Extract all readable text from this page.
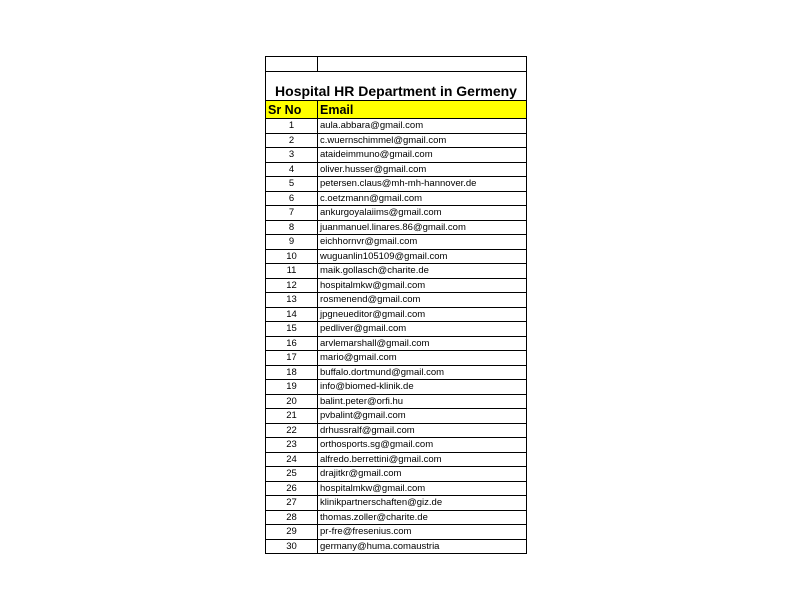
Hospital HR Department in Germeny	
Sr No	Email
1	aula.abbara@gmail.com
2	c.wuernschimmel@gmail.com
3	ataideimmuno@gmail.com
4	oliver.husser@gmail.com
5	petersen.claus@mh-mh-hannover.de
6	c.oetzmann@gmail.com
7	ankurgoyalaiims@gmail.com
8	juanmanuel.linares.86@gmail.com
9	eichhornvr@gmail.com
10	wuguanlin105109@gmail.com
11	maik.gollasch@charite.de
12	hospitalmkw@gmail.com
13	rosmenend@gmail.com
14	jpgneueditor@gmail.com
15	pedliver@gmail.com
16	arvlemarshall@gmail.com
17	mario@gmail.com
18	buffalo.dortmund@gmail.com
19	info@biomed-klinik.de
20	balint.peter@orfi.hu
21	pvbalint@gmail.com
22	drhussralf@gmail.com
23	orthosports.sg@gmail.com
24	alfredo.berrettini@gmail.com
25	drajitkr@gmail.com
26	hospitalmkw@gmail.com
27	klinikpartnerschaften@giz.de
28	thomas.zoller@charite.de
29	pr-fre@fresenius.com
30	germany@huma.comaustria
